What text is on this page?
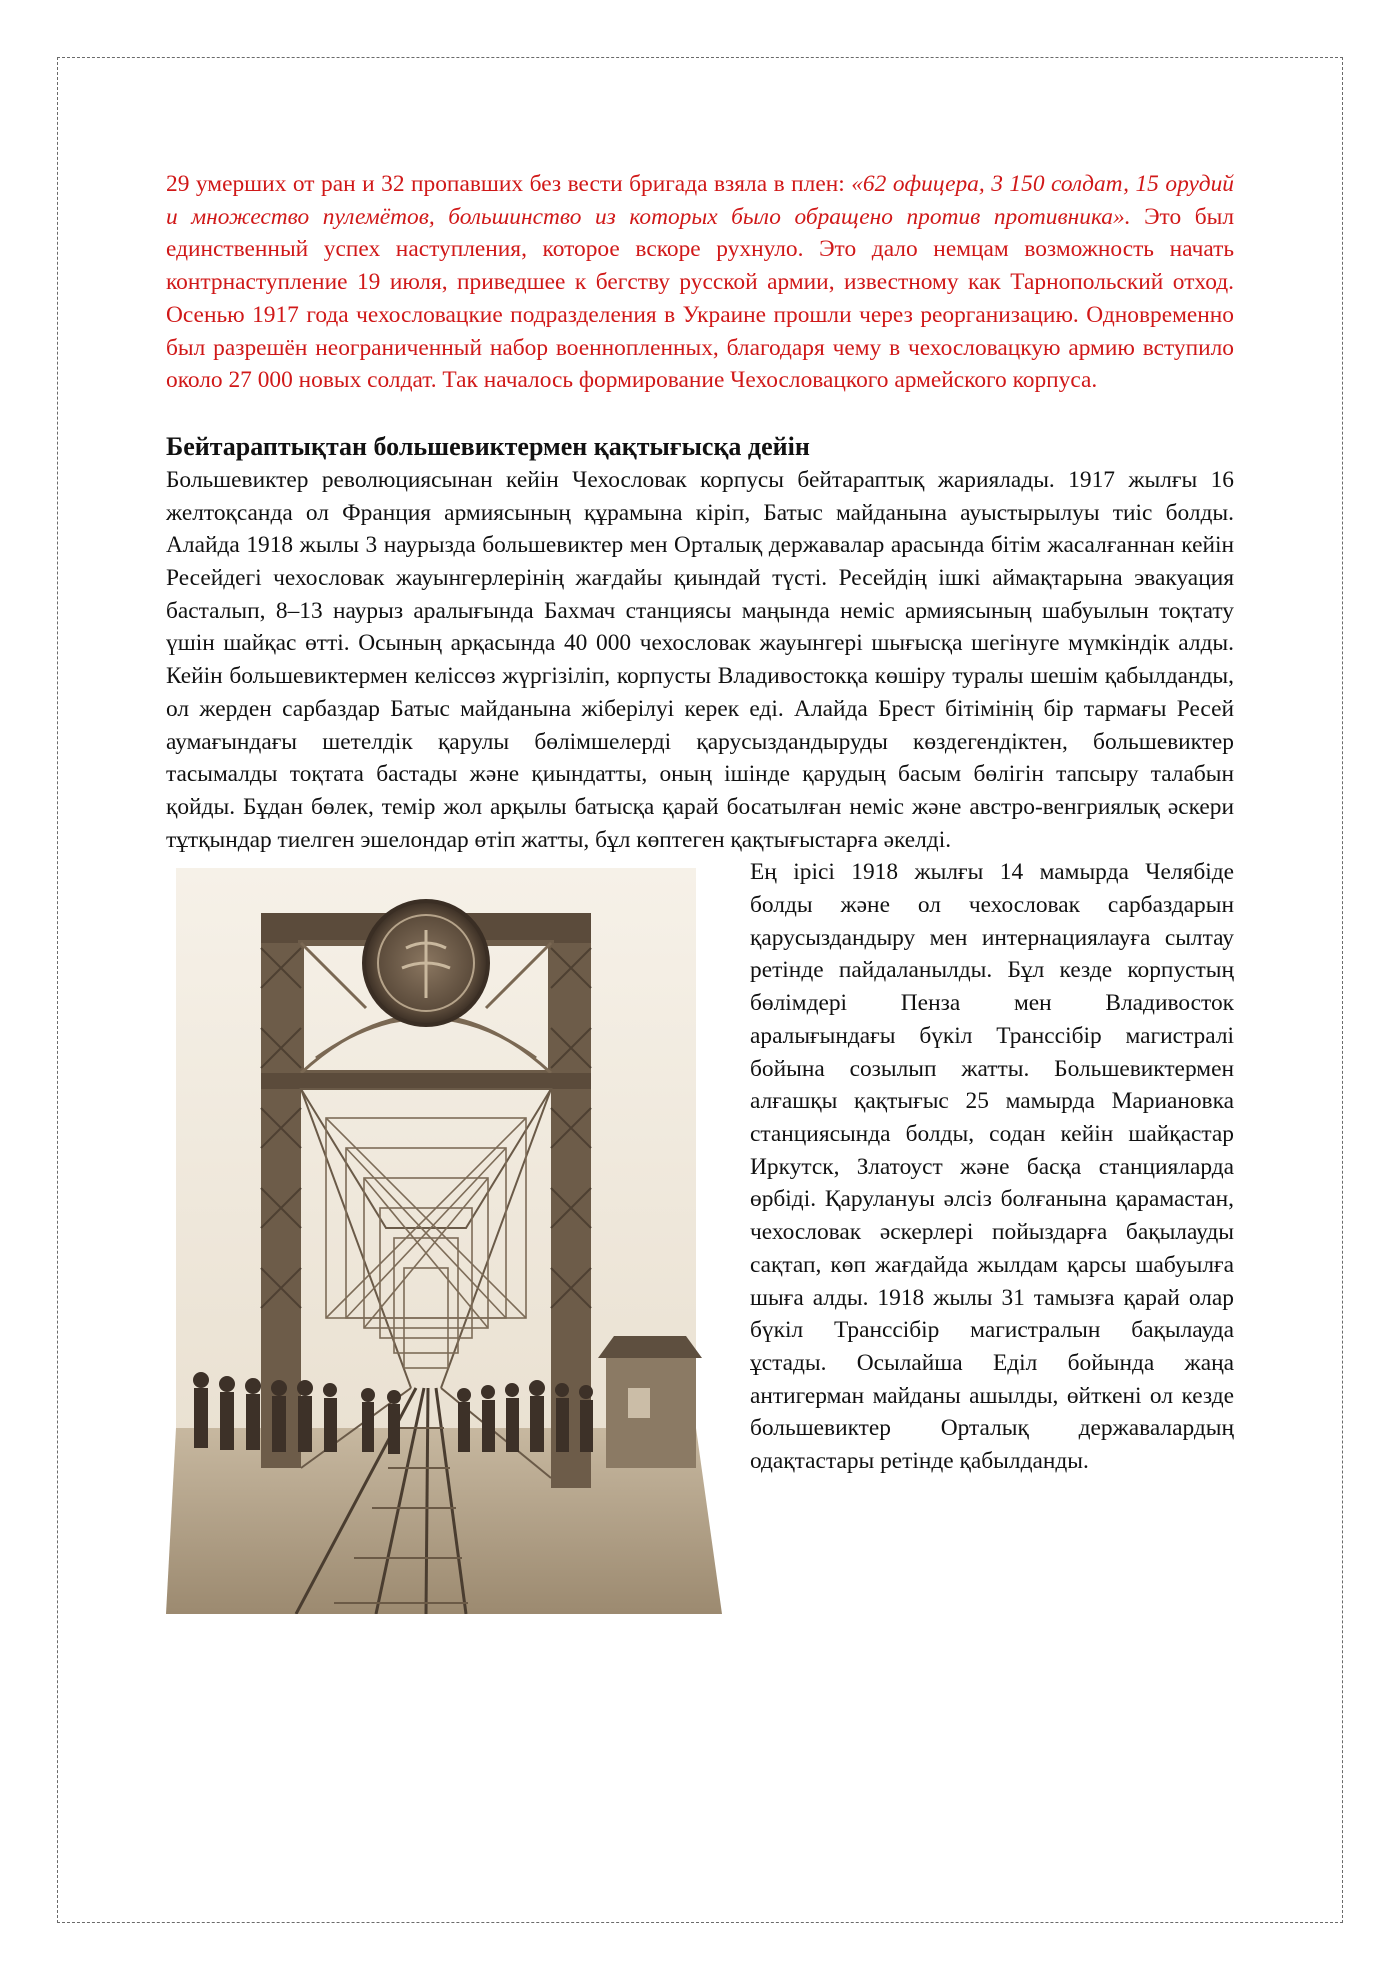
29 умерших от ран и 32 пропавших без вести бригада взяла в плен: «62 офицера, 3 150 солдат, 15 орудий и множество пулемётов, большинство из которых было обращено против противника». Это был единственный успех наступления, которое вскоре рухнуло. Это дало немцам возможность начать контрнаступление 19 июля, приведшее к бегству русской армии, известному как Тарнопольский отход. Осенью 1917 года чехословацкие подразделения в Украине прошли через реорганизацию. Одновременно был разрешён неограниченный набор военнопленных, благодаря чему в чехословацкую армию вступило около 27 000 новых солдат. Так началось формирование Чехословацкого армейского корпуса.

Бейтараптықтан большевиктермен қақтығысқа дейін

Большевиктер революциясынан кейін Чехословак корпусы бейтараптық жариялады. 1917 жылғы 16 желтоқсанда ол Франция армиясының құрамына кіріп, Батыс майданына ауыстырылуы тиіс болды. Алайда 1918 жылы 3 наурызда большевиктер мен Орталық державалар арасында бітім жасалғаннан кейін Ресейдегі чехословак жауынгерлерінің жағдайы қиындай түсті. Ресейдің ішкі аймақтарына эвакуация басталып, 8–13 наурыз аралығында Бахмач станциясы маңында неміс армиясының шабуылын тоқтату үшін шайқас өтті. Осының арқасында 40 000 чехословак жауынгері шығысқа шегінуге мүмкіндік алды. Кейін большевиктермен келіссөз жүргізіліп, корпусты Владивостокқа көшіру туралы шешім қабылданды, ол жерден сарбаздар Батыс майданына жіберілуі керек еді. Алайда Брест бітімінің бір тармағы Ресей аумағындағы шетелдік қарулы бөлімшелерді қарусыздандыруды көздегендіктен, большевиктер тасымалды тоқтата бастады және қиындатты, оның ішінде қарудың басым бөлігін тапсыру талабын қойды. Бұдан бөлек, темір жол арқылы батысқа қарай босатылған неміс және австро-венгриялық әскери тұтқындар тиелген эшелондар өтіп жатты, бұл көптеген қақтығыстарға әкелді.

Ең ірісі 1918 жылғы 14 мамырда Челябіде болды және ол чехословак сарбаздарын қарусыздандыру мен интернациялауға сылтау ретінде пайдаланылды. Бұл кезде корпустың бөлімдері Пенза мен Владивосток аралығындағы бүкіл Транссібір магистралі бойына созылып жатты. Большевиктермен алғашқы қақтығыс 25 мамырда Мариановка станциясында болды, содан кейін шайқастар Иркутск, Златоуст және басқа станцияларда өрбіді. Қарулануы әлсіз болғанына қарамастан, чехословак әскерлері пойыздарға бақылауды сақтап, көп жағдайда жылдам қарсы шабуылға шыға алды. 1918 жылы 31 тамызға қарай олар бүкіл Транссібір магистралын бақылауда ұстады. Осылайша Еділ бойында жаңа антигерман майданы ашылды, өйткені ол кезде большевиктер Орталық державалардың одақтастары ретінде қабылданды.
